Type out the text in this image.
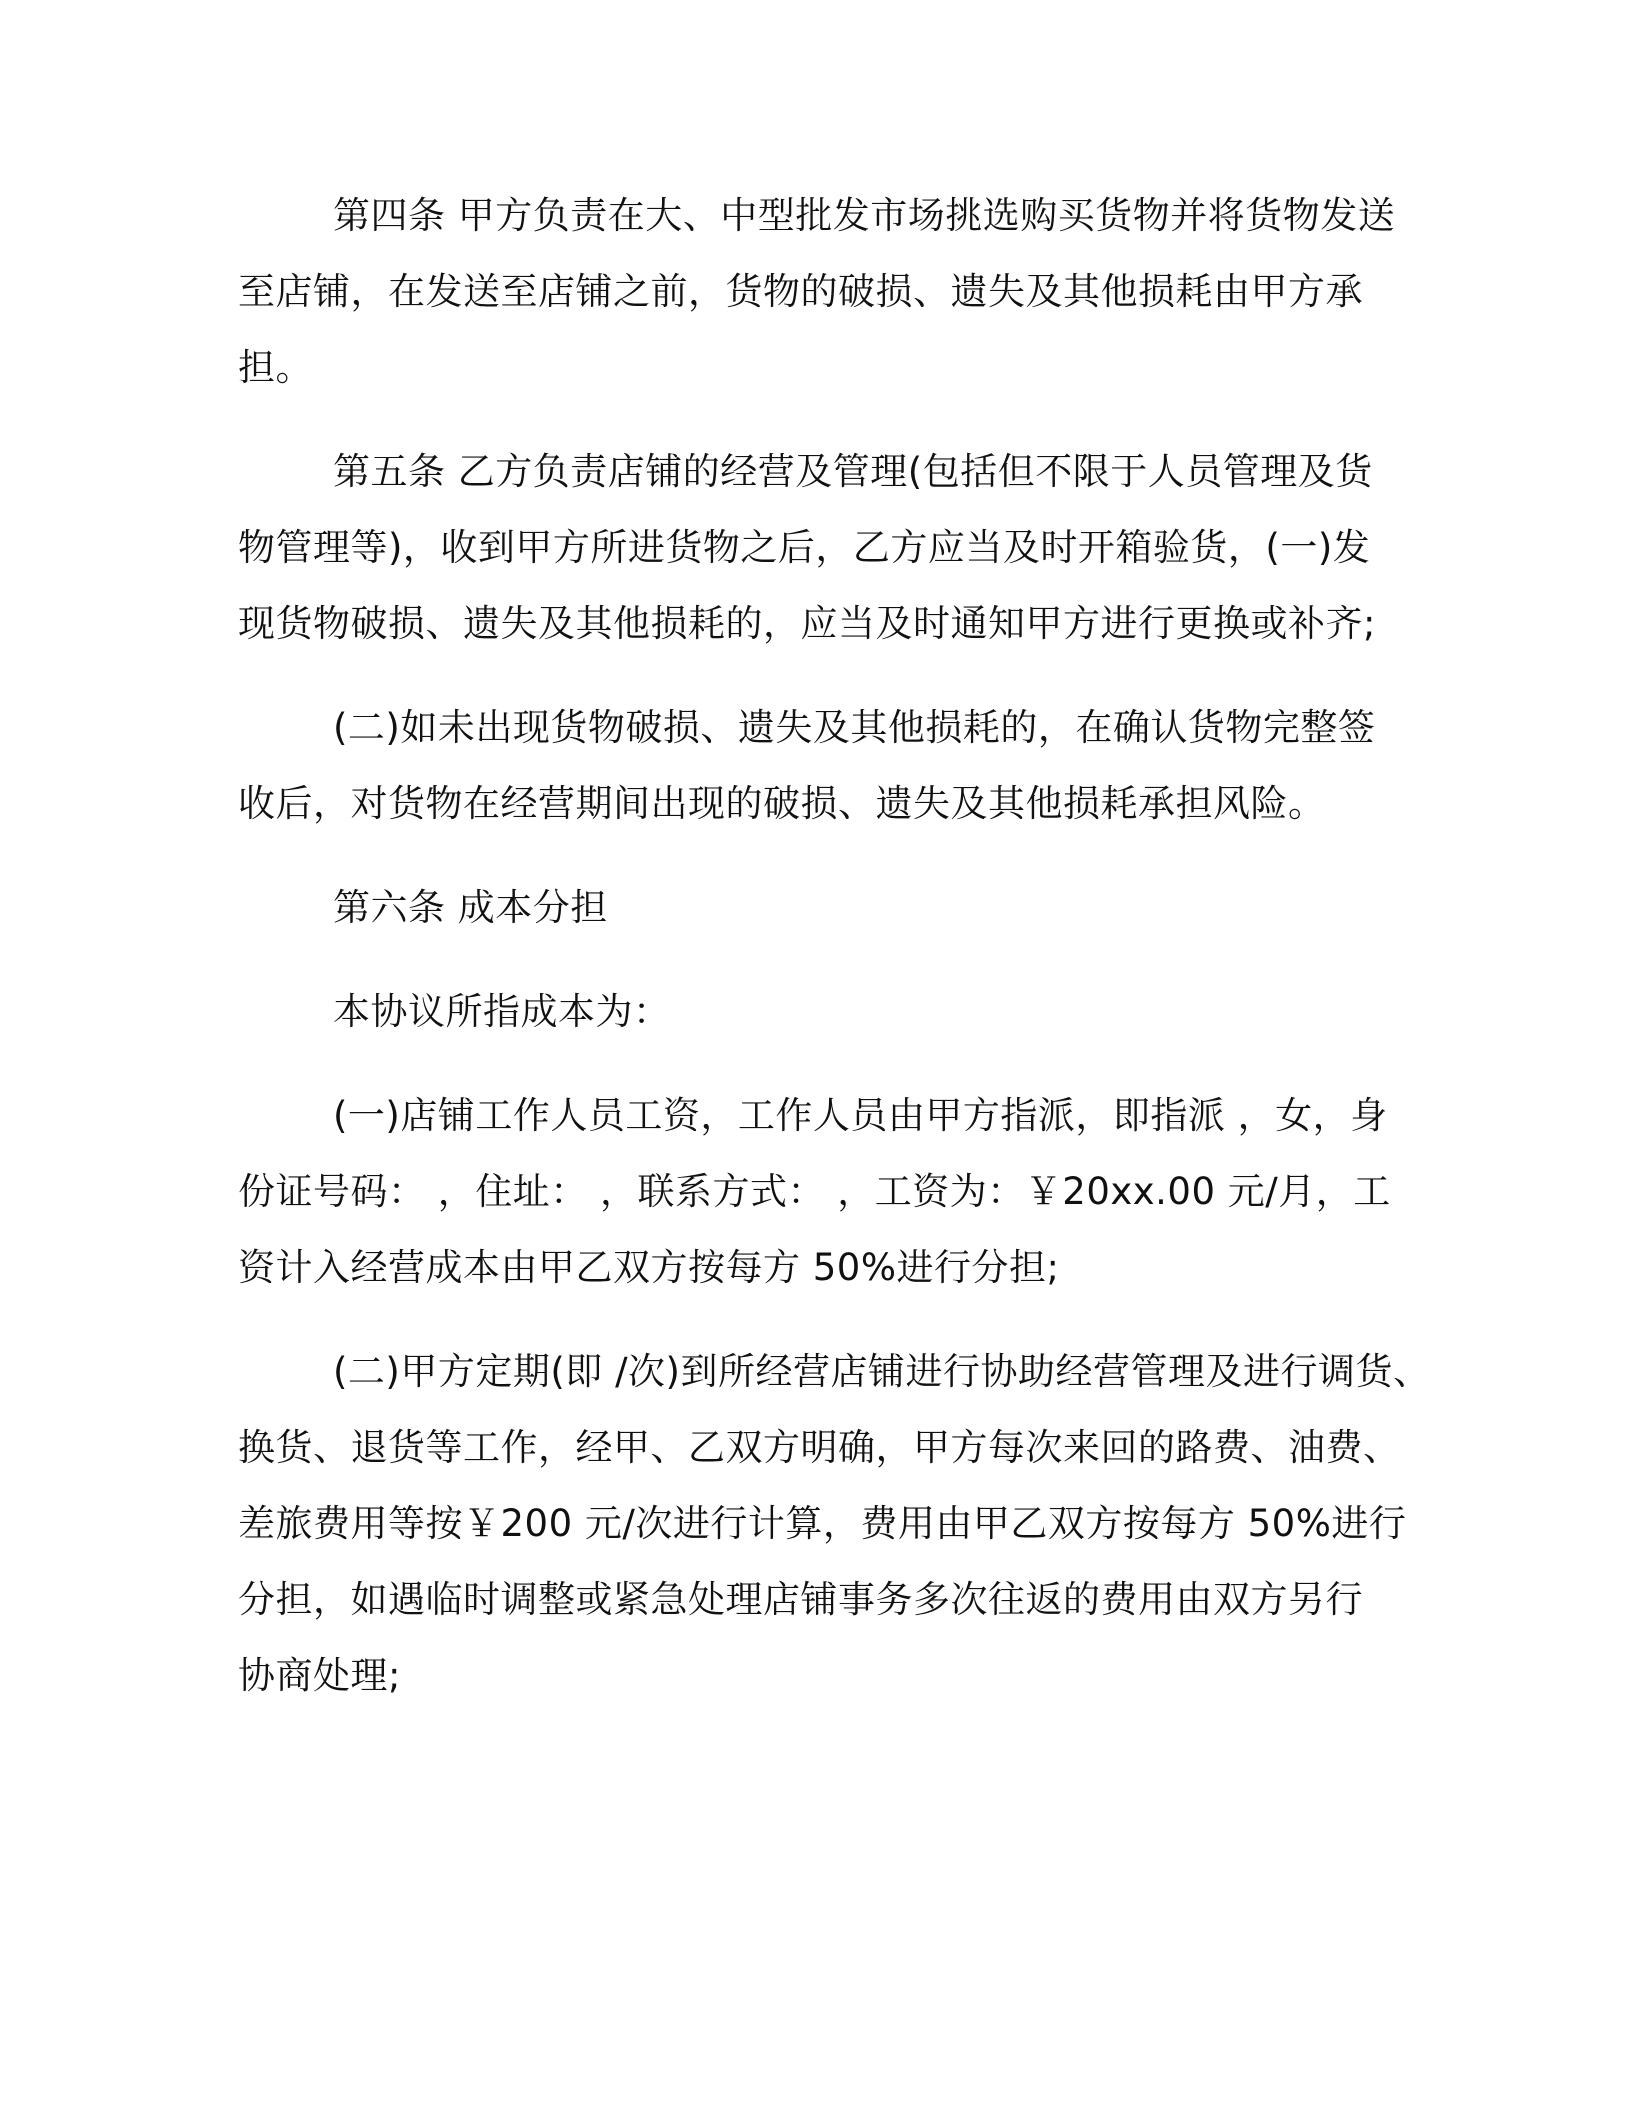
第四条 甲方负责在大、中型批发市场挑选购买货物并将货物发送
至店铺，在发送至店铺之前，货物的破损、遗失及其他损耗由甲方承
担。
第五条 乙方负责店铺的经营及管理(包括但不限于人员管理及货
物管理等)，收到甲方所进货物之后，乙方应当及时开箱验货，(一)发
现货物破损、遗失及其他损耗的，应当及时通知甲方进行更换或补齐;
(二)如未出现货物破损、遗失及其他损耗的，在确认货物完整签
收后，对货物在经营期间出现的破损、遗失及其他损耗承担风险。
第六条 成本分担
本协议所指成本为：
(一)店铺工作人员工资，工作人员由甲方指派，即指派 ，女，身
份证号码： ，住址： ，联系方式： ，工资为：￥20xx.00 元/月，工
资计入经营成本由甲乙双方按每方 50%进行分担;
(二)甲方定期(即 /次)到所经营店铺进行协助经营管理及进行调货、
换货、退货等工作，经甲、乙双方明确，甲方每次来回的路费、油费、
差旅费用等按￥200 元/次进行计算，费用由甲乙双方按每方 50%进行
分担，如遇临时调整或紧急处理店铺事务多次往返的费用由双方另行
协商处理;
